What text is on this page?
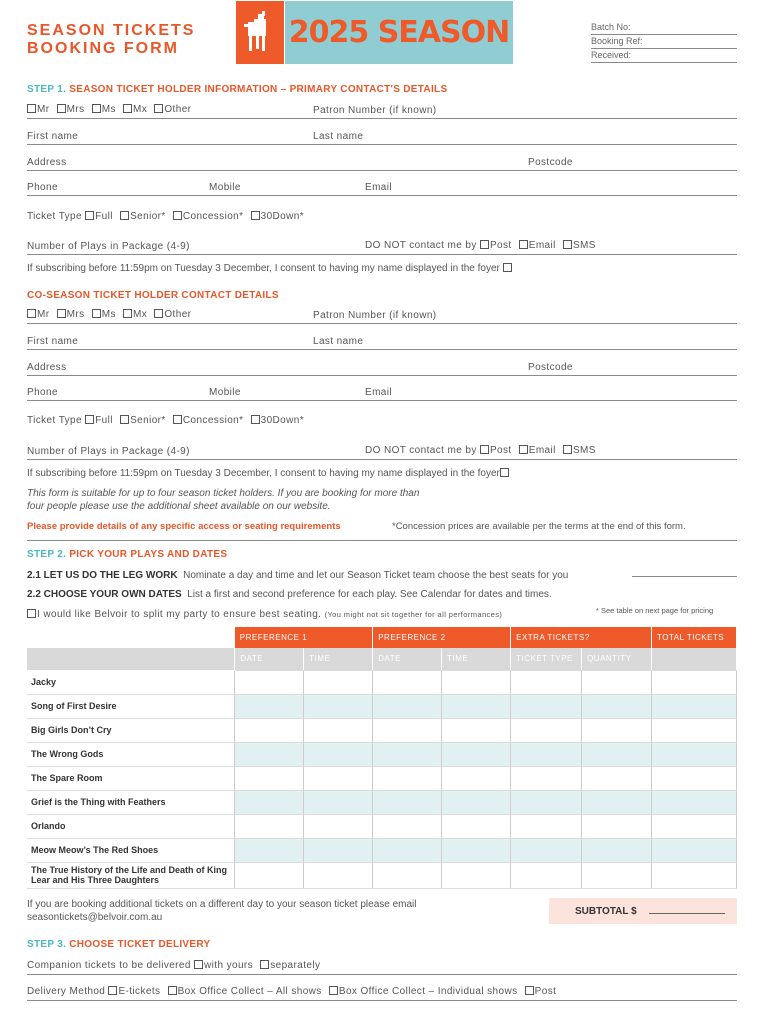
SEASON TICKETS
BOOKING FORM	2025 SEASON	Batch No:
Booking Ref:
Received:
STEP 1. SEASON TICKET HOLDER INFORMATION – PRIMARY CONTACT'S DETAILS
Mr Mrs Ms Mx Other	Patron Number (if known)
First name	Last name
Address	Postcode
Phone	Mobile	Email
Ticket Type Full Senior* Concession* 30Down*
Number of Plays in Package (4-9)	DO NOT contact me by Post Email SMS
If subscribing before 11:59pm on Tuesday 3 December, I consent to having my name displayed in the foyer
CO-SEASON TICKET HOLDER CONTACT DETAILS
Mr Mrs Ms Mx Other	Patron Number (if known)
First name	Last name
Address	Postcode
Phone	Mobile	Email
Ticket Type Full Senior* Concession* 30Down*
Number of Plays in Package (4-9)	DO NOT contact me by Post Email SMS
If subscribing before 11:59pm on Tuesday 3 December, I consent to having my name displayed in the foyer
This form is suitable for up to four season ticket holders. If you are booking for more than
four people please use the additional sheet available on our website.
Please provide details of any specific access or seating requirements	*Concession prices are available per the terms at the end of this form.
STEP 2. PICK YOUR PLAYS AND DATES
2.1 LET US DO THE LEG WORK Nominate a day and time and let our Season Ticket team choose the best seats for you
2.2 CHOOSE YOUR OWN DATES List a first and second preference for each play. See Calendar for dates and times.
I would like Belvoir to split my party to ensure best seating. (You might not sit together for all performances)	* See table on next page for pricing
	PREFERENCE 1		PREFERENCE 2		EXTRA TICKETS?		TOTAL TICKETS
	DATE	TIME	DATE	TIME	TICKET TYPE	QUANTITY	
Jacky							
Song of First Desire							
Big Girls Don’t Cry							
The Wrong Gods							
The Spare Room							
Grief is the Thing with Feathers							
Orlando							
Meow Meow’s The Red Shoes							
The True History of the Life and Death of King Lear and His Three Daughters							
If you are booking additional tickets on a different day to your season ticket please email
seasontickets@belvoir.com.au
SUBTOTAL $
STEP 3. CHOOSE TICKET DELIVERY
Companion tickets to be delivered with yours separately
Delivery Method E-tickets Box Office Collect – All shows Box Office Collect – Individual shows Post
